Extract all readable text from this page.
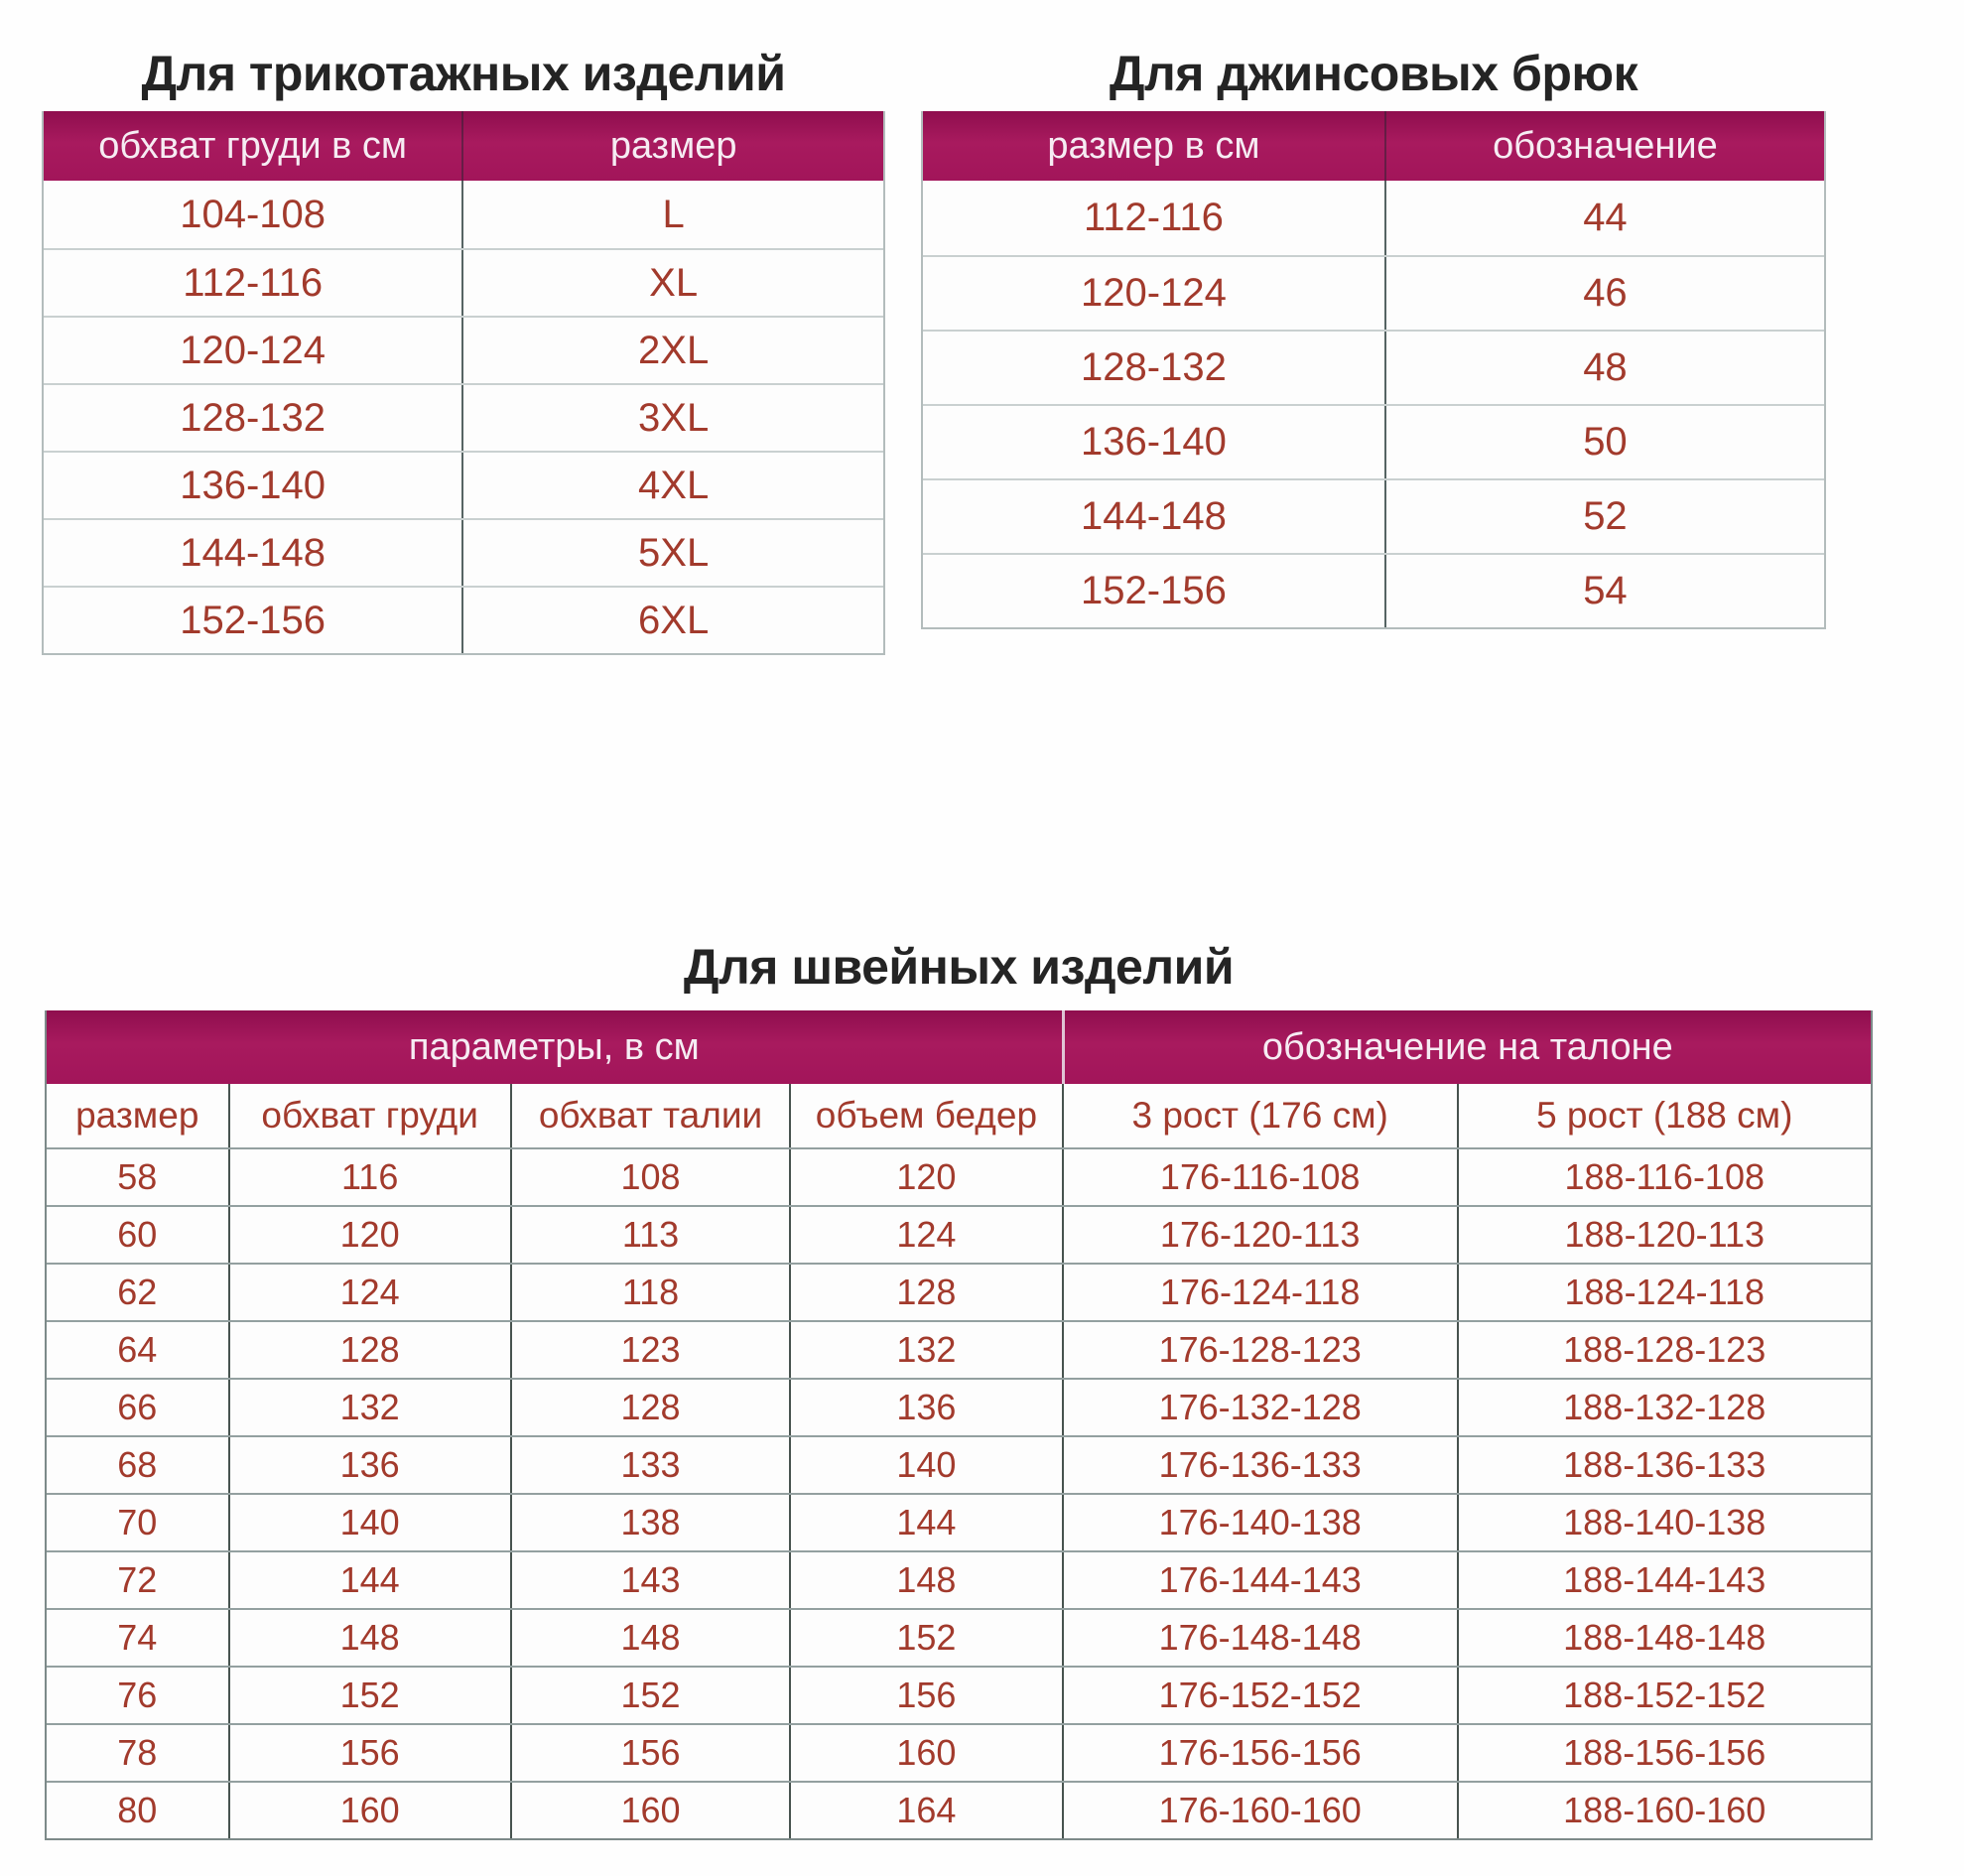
Для трикотажных изделий
обхват груди в см	размер
104-108	L
112-116	XL
120-124	2XL
128-132	3XL
136-140	4XL
144-148	5XL
152-156	6XL
Для джинсовых брюк
размер в см	обозначение
112-116	44
120-124	46
128-132	48
136-140	50
144-148	52
152-156	54
Для швейных изделий
параметры, в см	обозначение на талоне
размер	обхват груди	обхват талии	объем бедер	3 рост (176 см)	5 рост (188 см)
58	116	108	120	176-116-108	188-116-108
60	120	113	124	176-120-113	188-120-113
62	124	118	128	176-124-118	188-124-118
64	128	123	132	176-128-123	188-128-123
66	132	128	136	176-132-128	188-132-128
68	136	133	140	176-136-133	188-136-133
70	140	138	144	176-140-138	188-140-138
72	144	143	148	176-144-143	188-144-143
74	148	148	152	176-148-148	188-148-148
76	152	152	156	176-152-152	188-152-152
78	156	156	160	176-156-156	188-156-156
80	160	160	164	176-160-160	188-160-160
